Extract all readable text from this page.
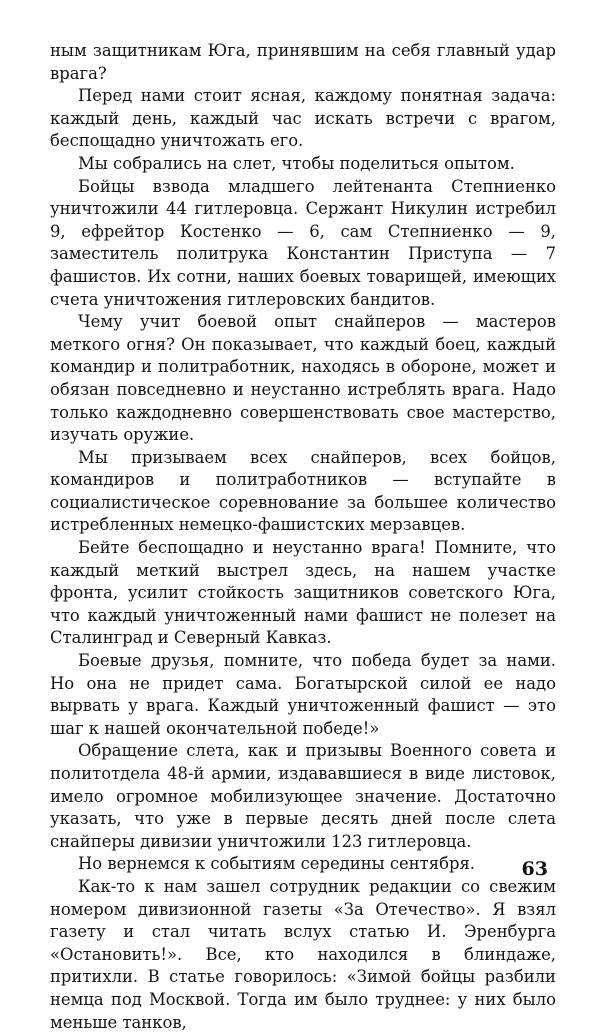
ным защитникам Юга, принявшим на себя главный удар врага?

Перед нами стоит ясная, каждому понятная задача: каждый день, каждый час искать встречи с врагом, беспощадно уничтожать его.

Мы собрались на слет, чтобы поделиться опытом.

Бойцы взвода младшего лейтенанта Степниенко уничтожили 44 гитлеровца. Сержант Никулин истребил 9, ефрейтор Костенко — 6, сам Степниенко — 9, заместитель политрука Константин Приступа — 7 фашистов. Их сотни, наших боевых товарищей, имеющих счета уничтожения гитлеровских бандитов.

Чему учит боевой опыт снайперов — мастеров меткого огня? Он показывает, что каждый боец, каждый командир и политработник, находясь в обороне, может и обязан повседневно и неустанно истреблять врага. Надо только каждодневно совершенствовать свое мастерство, изучать оружие.

Мы призываем всех снайперов, всех бойцов, командиров и политработников — вступайте в социалистическое соревнование за большее количество истребленных немецко-фашистских мерзавцев.

Бейте беспощадно и неустанно врага! Помните, что каждый меткий выстрел здесь, на нашем участке фронта, усилит стойкость защитников советского Юга, что каждый уничтоженный нами фашист не полезет на Сталинград и Северный Кавказ.

Боевые друзья, помните, что победа будет за нами. Но она не придет сама. Богатырской силой ее надо вырвать у врага. Каждый уничтоженный фашист — это шаг к нашей окончательной победе!»

Обращение слета, как и призывы Военного совета и политотдела 48-й армии, издававшиеся в виде листовок, имело огромное мобилизующее значение. Достаточно указать, что уже в первые десять дней после слета снайперы дивизии уничтожили 123 гитлеровца.

Но вернемся к событиям середины сентября.

Как-то к нам зашел сотрудник редакции со свежим номером дивизионной газеты «За Отечество». Я взял газету и стал читать вслух статью И. Эренбурга «Остановить!». Все, кто находился в блиндаже, притихли. В статье говорилось: «Зимой бойцы разбили немца под Москвой. Тогда им было труднее: у них было меньше танков,

63
